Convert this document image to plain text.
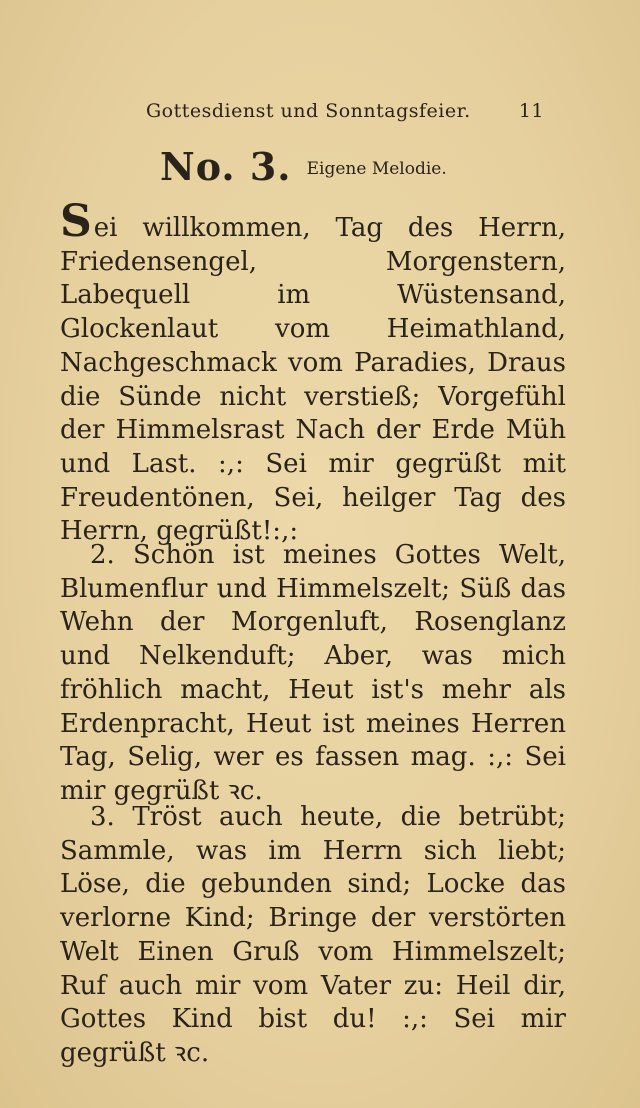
Gottesdienst und Sonntagsfeier.	11
No. 3. Eigene Melodie.

Sei willkommen, Tag des Herrn, Friedensengel, Morgenstern, Labequell im Wüstensand, Glockenlaut vom Heimathland, Nachgeschmack vom Paradies, Draus die Sünde nicht verstieß; Vorgefühl der Himmelsrast Nach der Erde Müh und Last. :,: Sei mir gegrüßt mit Freudentönen, Sei, heilger Tag des Herrn, gegrüßt!:,:

2. Schön ist meines Gottes Welt, Blumenflur und Himmelszelt; Süß das Wehn der Morgenluft, Rosenglanz und Nelkenduft; Aber, was mich fröhlich macht, Heut ist's mehr als Erdenpracht, Heut ist meines Herren Tag, Selig, wer es fassen mag. :,: Sei mir gegrüßt ꝛc.

3. Tröst auch heute, die betrübt; Sammle, was im Herrn sich liebt; Löse, die gebunden sind; Locke das verlorne Kind; Bringe der verstörten Welt Einen Gruß vom Himmelszelt; Ruf auch mir vom Vater zu: Heil dir, Gottes Kind bist du! :,: Sei mir gegrüßt ꝛc.
